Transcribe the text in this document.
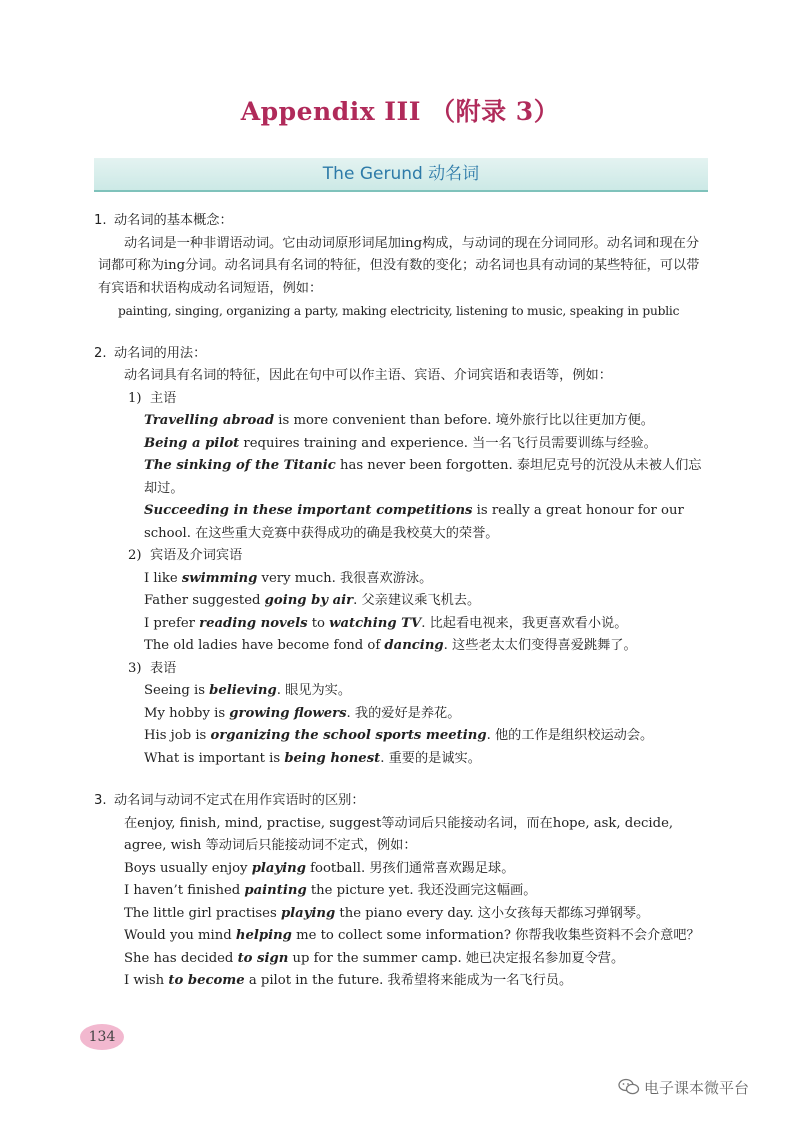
Appendix III （附录 3）
The Gerund 动名词
1. 动名词的基本概念：
动名词是一种非谓语动词。它由动词原形词尾加ing构成，与动词的现在分词同形。动名词和现在分词都可称为ing分词。动名词具有名词的特征，但没有数的变化；动名词也具有动词的某些特征，可以带有宾语和状语构成动名词短语，例如：
painting, singing, organizing a party, making electricity, listening to music, speaking in public
2. 动名词的用法：
动名词具有名词的特征，因此在句中可以作主语、宾语、介词宾语和表语等，例如：
1) 主语
Travelling abroad is more convenient than before. 境外旅行比以往更加方便。
Being a pilot requires training and experience. 当一名飞行员需要训练与经验。
The sinking of the Titanic has never been forgotten. 泰坦尼克号的沉没从未被人们忘却过。
Succeeding in these important competitions is really a great honour for our school. 在这些重大竞赛中获得成功的确是我校莫大的荣誉。
2) 宾语及介词宾语
I like swimming very much. 我很喜欢游泳。
Father suggested going by air. 父亲建议乘飞机去。
I prefer reading novels to watching TV. 比起看电视来，我更喜欢看小说。
The old ladies have become fond of dancing. 这些老太太们变得喜爱跳舞了。
3) 表语
Seeing is believing. 眼见为实。
My hobby is growing flowers. 我的爱好是养花。
His job is organizing the school sports meeting. 他的工作是组织校运动会。
What is important is being honest. 重要的是诚实。
3. 动名词与动词不定式在用作宾语时的区别：
在enjoy, finish, mind, practise, suggest等动词后只能接动名词，而在hope, ask, decide, agree, wish 等动词后只能接动词不定式，例如：
Boys usually enjoy playing football. 男孩们通常喜欢踢足球。
I haven’t finished painting the picture yet. 我还没画完这幅画。
The little girl practises playing the piano every day. 这小女孩每天都练习弹钢琴。
Would you mind helping me to collect some information? 你帮我收集些资料不会介意吧？
She has decided to sign up for the summer camp. 她已决定报名参加夏令营。
I wish to become a pilot in the future. 我希望将来能成为一名飞行员。
134
电子课本微平台
